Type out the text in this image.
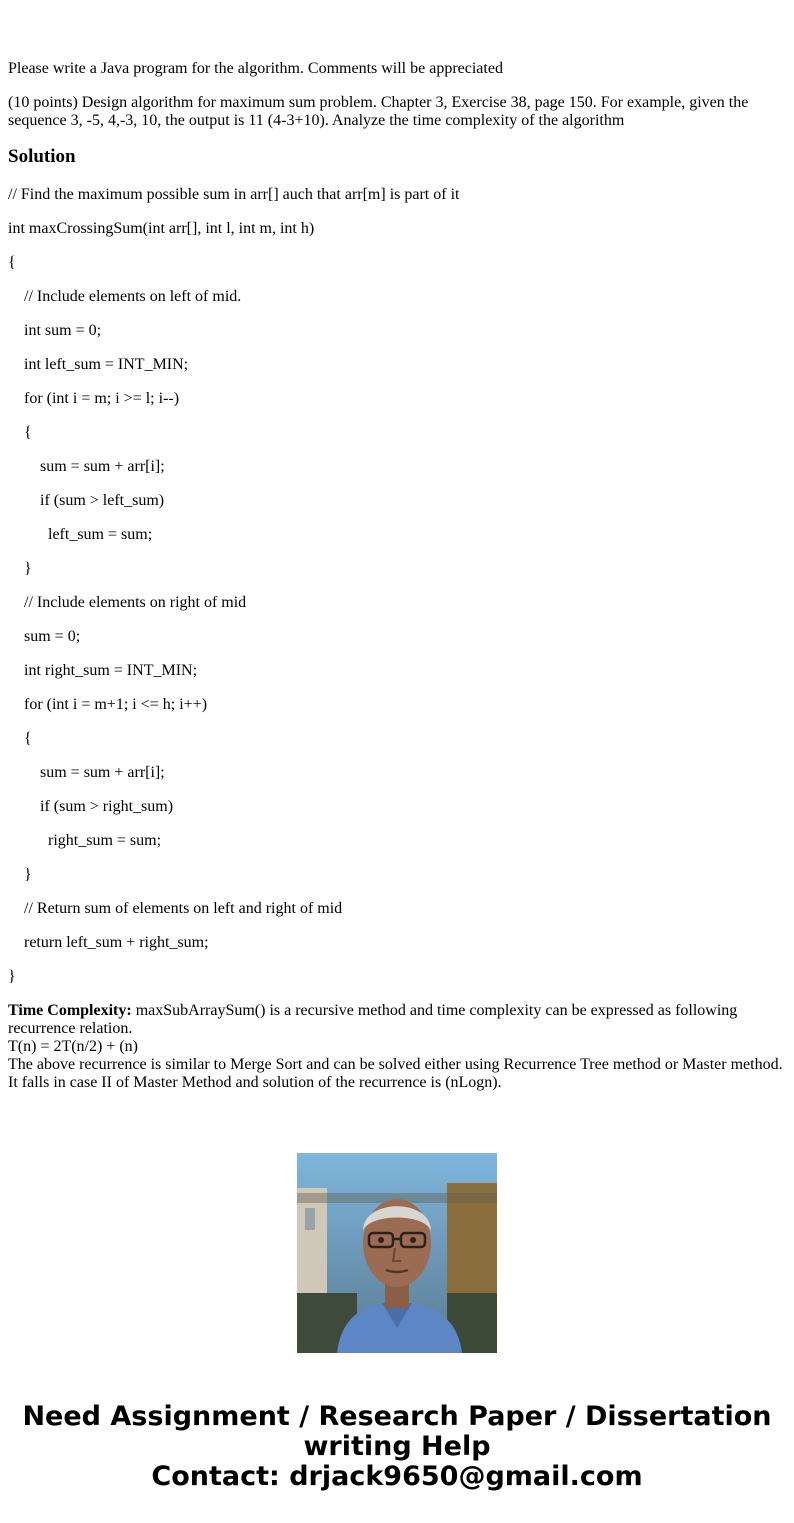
Please write a Java program for the algorithm. Comments will be appreciated

(10 points) Design algorithm for maximum sum problem. Chapter 3, Exercise 38, page 150. For example, given the sequence 3, -5, 4,-3, 10, the output is 11 (4-3+10). Analyze the time complexity of the algorithm

Solution

// Find the maximum possible sum in arr[] auch that arr[m] is part of it

int maxCrossingSum(int arr[], int l, int m, int h)

{

// Include elements on left of mid.

int sum = 0;

int left_sum = INT_MIN;

for (int i = m; i >= l; i--)

{

sum = sum + arr[i];

if (sum > left_sum)

left_sum = sum;

}

// Include elements on right of mid

sum = 0;

int right_sum = INT_MIN;

for (int i = m+1; i <= h; i++)

{

sum = sum + arr[i];

if (sum > right_sum)

right_sum = sum;

}

// Return sum of elements on left and right of mid

return left_sum + right_sum;

}

Time Complexity: maxSubArraySum() is a recursive method and time complexity can be expressed as following recurrence relation.

T(n) = 2T(n/2) + (n)

The above recurrence is similar to Merge Sort and can be solved either using Recurrence Tree method or Master method. It falls in case II of Master Method and solution of the recurrence is (nLogn).

Need Assignment / Research Paper / Dissertation
writing Help
Contact: drjack9650@gmail.com
